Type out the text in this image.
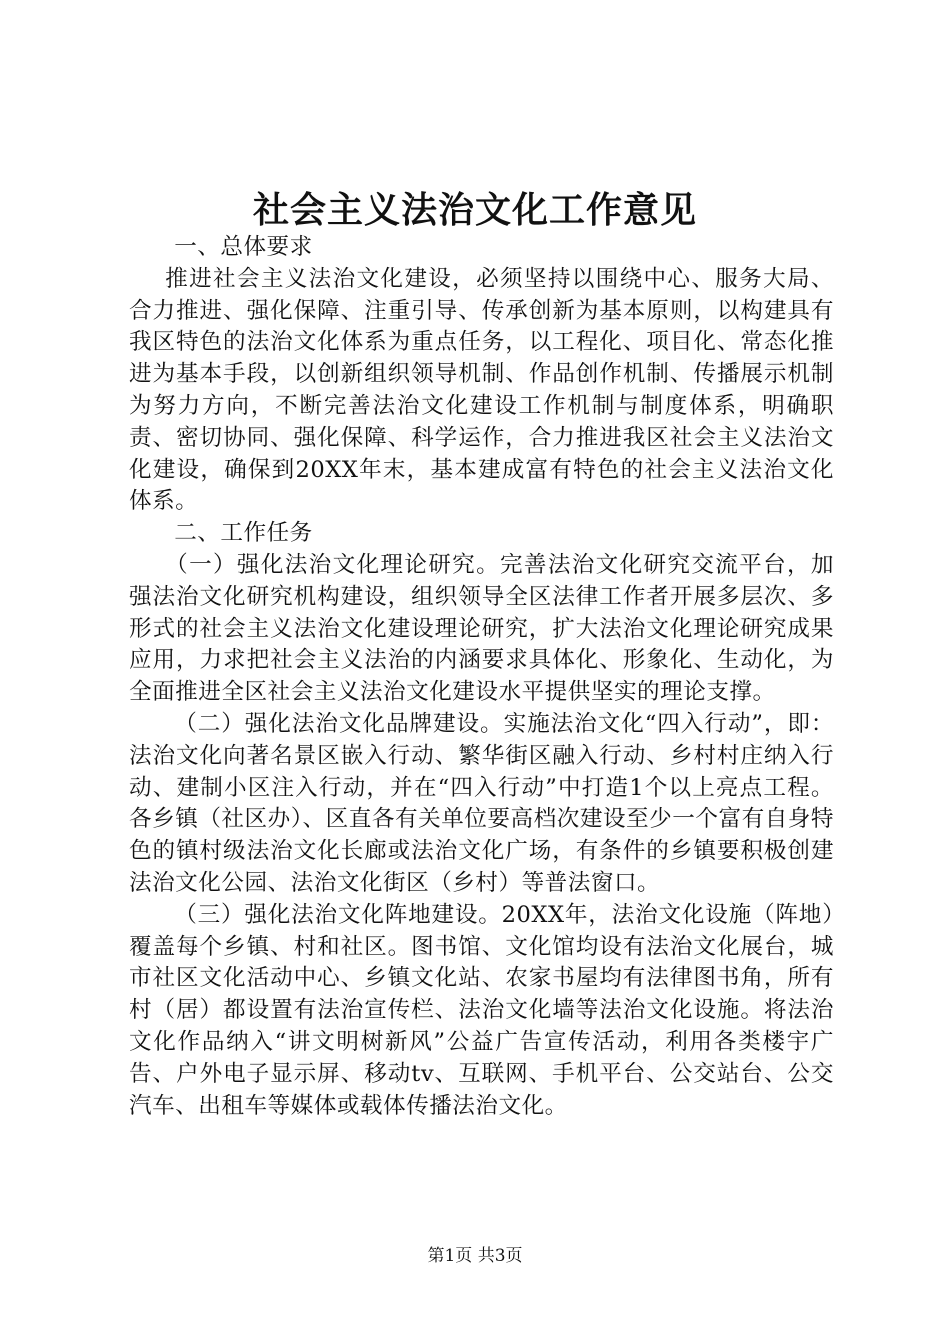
社会主义法治文化工作意见

一、总体要求

推进社会主义法治文化建设，必须坚持以围绕中心、服务大局、合力推进、强化保障、注重引导、传承创新为基本原则，以构建具有我区特色的法治文化体系为重点任务，以工程化、项目化、常态化推进为基本手段，以创新组织领导机制、作品创作机制、传播展示机制为努力方向，不断完善法治文化建设工作机制与制度体系，明确职责、密切协同、强化保障、科学运作，合力推进我区社会主义法治文化建设，确保到20XX年末，基本建成富有特色的社会主义法治文化体系。

二、工作任务

（一）强化法治文化理论研究。完善法治文化研究交流平台，加强法治文化研究机构建设，组织领导全区法律工作者开展多层次、多形式的社会主义法治文化建设理论研究，扩大法治文化理论研究成果应用，力求把社会主义法治的内涵要求具体化、形象化、生动化，为全面推进全区社会主义法治文化建设水平提供坚实的理论支撑。

（二）强化法治文化品牌建设。实施法治文化“四入行动”，即：法治文化向著名景区嵌入行动、繁华街区融入行动、乡村村庄纳入行动、建制小区注入行动，并在“四入行动”中打造1个以上亮点工程。各乡镇（社区办）、区直各有关单位要高档次建设至少一个富有自身特色的镇村级法治文化长廊或法治文化广场，有条件的乡镇要积极创建法治文化公园、法治文化街区（乡村）等普法窗口。

（三）强化法治文化阵地建设。20XX年，法治文化设施（阵地）覆盖每个乡镇、村和社区。图书馆、文化馆均设有法治文化展台，城市社区文化活动中心、乡镇文化站、农家书屋均有法律图书角，所有村（居）都设置有法治宣传栏、法治文化墙等法治文化设施。将法治文化作品纳入“讲文明树新风”公益广告宣传活动，利用各类楼宇广告、户外电子显示屏、移动tv、互联网、手机平台、公交站台、公交汽车、出租车等媒体或载体传播法治文化。

第1页 共3页
